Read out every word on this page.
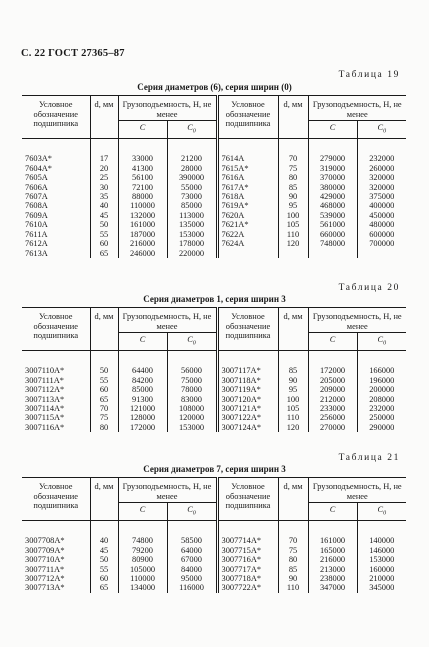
С. 22 ГОСТ 27365–87
Таблица 19
Серия диаметров (6), серия ширин (0)
Условное обозначение подшипника	d, мм	Грузоподъемность, Н, не менее		Условное обозначение подшипника	d, мм	Грузоподъемность, Н, не менее	
		C	$C_0$			C	$C_0$
7603A*	17	33000	21200	7614A	70	279000	232000
7604A*	20	41300	28000	7615A*	75	319000	260000
7605A	25	56100	390000	7616A	80	370000	320000
7606A	30	72100	55000	7617A*	85	380000	320000
7607A	35	88000	73000	7618A	90	429000	375000
7608A	40	110000	85000	7619A*	95	468000	400000
7609A	45	132000	113000	7620A	100	539000	450000
7610A	50	161000	135000	7621A*	105	561000	480000
7611A	55	187000	153000	7622A	110	660000	600000
7612A	60	216000	178000	7624A	120	748000	700000
7613A	65	246000	220000				
Таблица 20
Серия диаметров 1, серия ширин 3
Условное обозначение подшипника	d, мм	Грузоподъемность, Н, не менее		Условное обозначение подшипника	d, мм	Грузоподъемность, Н, не менее	
		C	$C_0$			C	$C_0$
3007110A*	50	64400	56000	3007117A*	85	172000	166000
3007111A*	55	84200	75000	3007118A*	90	205000	196000
3007112A*	60	85000	78000	3007119A*	95	209000	200000
3007113A*	65	91300	83000	3007120A*	100	212000	208000
3007114A*	70	121000	108000	3007121A*	105	233000	232000
3007115A*	75	128000	120000	3007122A*	110	256000	250000
3007116A*	80	172000	153000	3007124A*	120	270000	290000
Таблица 21
Серия диаметров 7, серия ширин 3
Условное обозначение подшипника	d, мм	Грузоподъемность, Н, не менее		Условное обозначение подшипника	d, мм	Грузоподъемность, Н, не менее	
		C	$C_0$			C	$C_0$
3007708A*	40	74800	58500	3007714A*	70	161000	140000
3007709A*	45	79200	64000	3007715A*	75	165000	146000
3007710A*	50	80900	67000	3007716A*	80	216000	153000
3007711A*	55	105000	84000	3007717A*	85	213000	160000
3007712A*	60	110000	95000	3007718A*	90	238000	210000
3007713A*	65	134000	116000	3007722A*	110	347000	345000
